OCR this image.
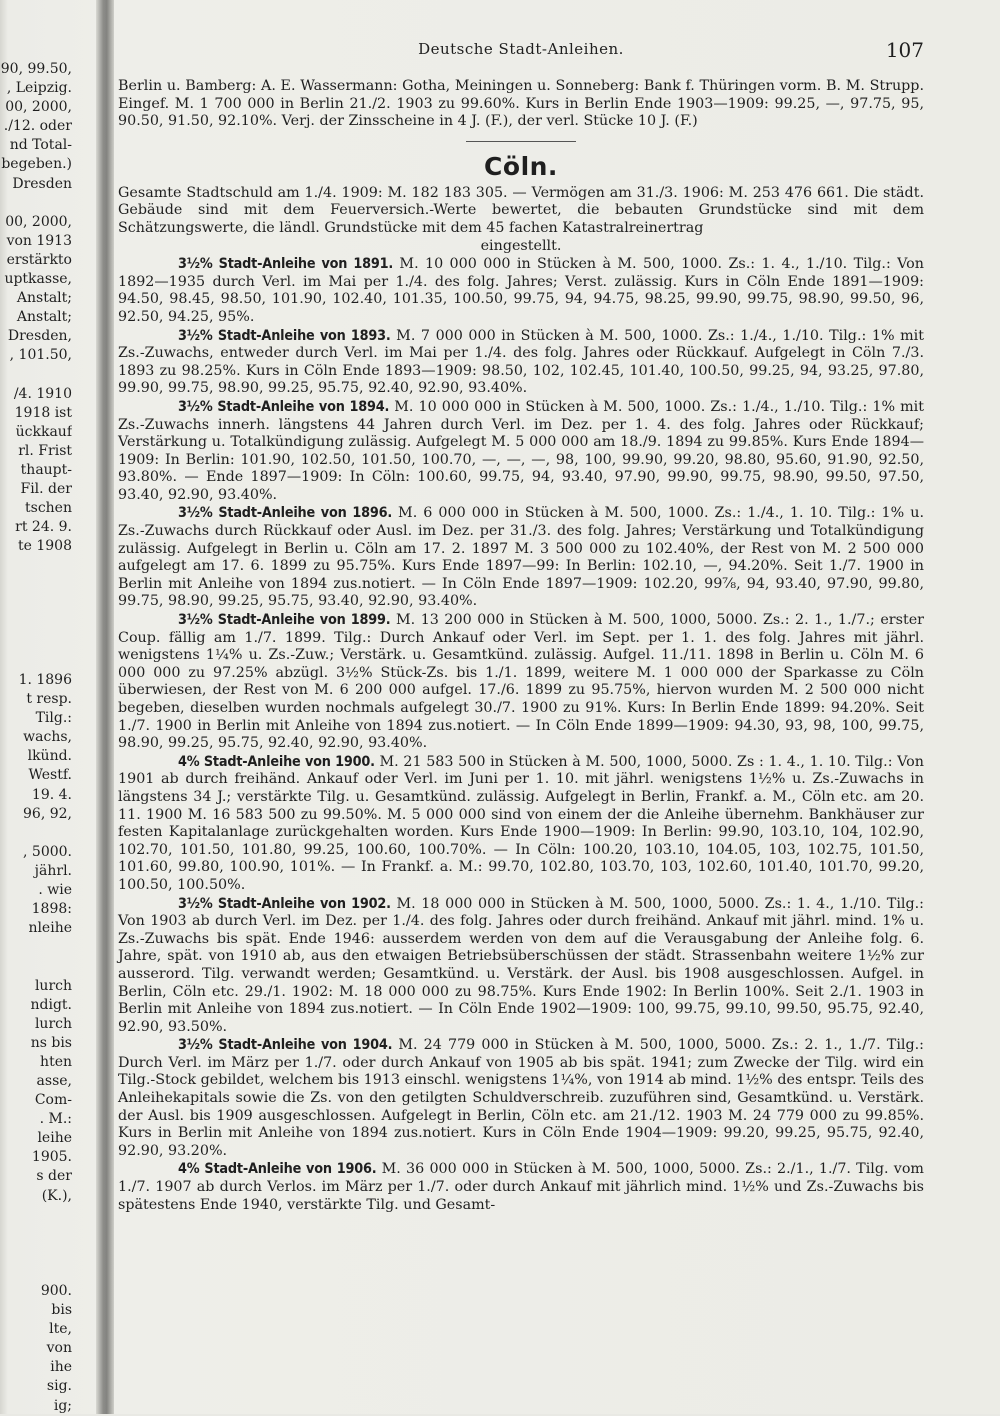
90, 99.50,
, Leipzig.
00, 2000,
./12. oder
nd Total-
begeben.)
Dresden
00, 2000,
von 1913
erstärkto
uptkasse,
Anstalt;
Anstalt;
Dresden,
, 101.50,
/4. 1910
1918 ist
ückkauf
rl. Frist
thaupt-
Fil. der
tschen
rt 24. 9.
te 1908
1. 1896
t resp.
Tilg.:
wachs,
lkünd.
Westf.
19. 4.
96, 92,
, 5000.
jährl.
. wie
1898:
nleihe
lurch
ndigt.
lurch
ns bis
hten
asse,
Com-
. M.:
leihe
1905.
s der
(K.),
900.
bis
lte,
von
ihe
sig.
ig;
Deutsche Stadt-Anleihen.	107

Berlin u. Bamberg: A. E. Wassermann: Gotha, Meiningen u. Sonneberg: Bank f. Thüringen vorm. B. M. Strupp. Eingef. M. 1 700 000 in Berlin 21./2. 1903 zu 99.60%. Kurs in Berlin Ende 1903—1909: 99.25, —, 97.75, 95, 90.50, 91.50, 92.10%. Verj. der Zinsscheine in 4 J. (F.), der verl. Stücke 10 J. (F.)

Cöln.

Gesamte Stadtschuld am 1./4. 1909: M. 182 183 305. — Vermögen am 31./3. 1906: M. 253 476 661. Die städt. Gebäude sind mit dem Feuerversich.-Werte bewertet, die bebauten Grundstücke sind mit dem Schätzungswerte, die ländl. Grundstücke mit dem 45 fachen Katastralreinertrag

eingestellt.

3½% Stadt-Anleihe von 1891. M. 10 000 000 in Stücken à M. 500, 1000. Zs.: 1. 4., 1./10. Tilg.: Von 1892—1935 durch Verl. im Mai per 1./4. des folg. Jahres; Verst. zulässig. Kurs in Cöln Ende 1891—1909: 94.50, 98.45, 98.50, 101.90, 102.40, 101.35, 100.50, 99.75, 94, 94.75, 98.25, 99.90, 99.75, 98.90, 99.50, 96, 92.50, 94.25, 95%.

3½% Stadt-Anleihe von 1893. M. 7 000 000 in Stücken à M. 500, 1000. Zs.: 1./4., 1./10. Tilg.: 1% mit Zs.-Zuwachs, entweder durch Verl. im Mai per 1./4. des folg. Jahres oder Rückkauf. Aufgelegt in Cöln 7./3. 1893 zu 98.25%. Kurs in Cöln Ende 1893—1909: 98.50, 102, 102.45, 101.40, 100.50, 99.25, 94, 93.25, 97.80, 99.90, 99.75, 98.90, 99.25, 95.75, 92.40, 92.90, 93.40%.

3½% Stadt-Anleihe von 1894. M. 10 000 000 in Stücken à M. 500, 1000. Zs.: 1./4., 1./10. Tilg.: 1% mit Zs.-Zuwachs innerh. längstens 44 Jahren durch Verl. im Dez. per 1. 4. des folg. Jahres oder Rückkauf; Verstärkung u. Totalkündigung zulässig. Aufgelegt M. 5 000 000 am 18./9. 1894 zu 99.85%. Kurs Ende 1894—1909: In Berlin: 101.90, 102.50, 101.50, 100.70, —, —, —, 98, 100, 99.90, 99.20, 98.80, 95.60, 91.90, 92.50, 93.80%. — Ende 1897—1909: In Cöln: 100.60, 99.75, 94, 93.40, 97.90, 99.90, 99.75, 98.90, 99.50, 97.50, 93.40, 92.90, 93.40%.

3½% Stadt-Anleihe von 1896. M. 6 000 000 in Stücken à M. 500, 1000. Zs.: 1./4., 1. 10. Tilg.: 1% u. Zs.-Zuwachs durch Rückkauf oder Ausl. im Dez. per 31./3. des folg. Jahres; Verstärkung und Totalkündigung zulässig. Aufgelegt in Berlin u. Cöln am 17. 2. 1897 M. 3 500 000 zu 102.40%, der Rest von M. 2 500 000 aufgelegt am 17. 6. 1899 zu 95.75%. Kurs Ende 1897—99: In Berlin: 102.10, —, 94.20%. Seit 1./7. 1900 in Berlin mit Anleihe von 1894 zus.notiert. — In Cöln Ende 1897—1909: 102.20, 99⅞, 94, 93.40, 97.90, 99.80, 99.75, 98.90, 99.25, 95.75, 93.40, 92.90, 93.40%.

3½% Stadt-Anleihe von 1899. M. 13 200 000 in Stücken à M. 500, 1000, 5000. Zs.: 2. 1., 1./7.; erster Coup. fällig am 1./7. 1899. Tilg.: Durch Ankauf oder Verl. im Sept. per 1. 1. des folg. Jahres mit jährl. wenigstens 1¼% u. Zs.-Zuw.; Verstärk. u. Gesamtkünd. zulässig. Aufgel. 11./11. 1898 in Berlin u. Cöln M. 6 000 000 zu 97.25% abzügl. 3½% Stück-Zs. bis 1./1. 1899, weitere M. 1 000 000 der Sparkasse zu Cöln überwiesen, der Rest von M. 6 200 000 aufgel. 17./6. 1899 zu 95.75%, hiervon wurden M. 2 500 000 nicht begeben, dieselben wurden nochmals aufgelegt 30./7. 1900 zu 91%. Kurs: In Berlin Ende 1899: 94.20%. Seit 1./7. 1900 in Berlin mit Anleihe von 1894 zus.notiert. — In Cöln Ende 1899—1909: 94.30, 93, 98, 100, 99.75, 98.90, 99.25, 95.75, 92.40, 92.90, 93.40%.

4% Stadt-Anleihe von 1900. M. 21 583 500 in Stücken à M. 500, 1000, 5000. Zs : 1. 4., 1. 10. Tilg.: Von 1901 ab durch freihänd. Ankauf oder Verl. im Juni per 1. 10. mit jährl. wenigstens 1½% u. Zs.-Zuwachs in längstens 34 J.; verstärkte Tilg. u. Gesamtkünd. zulässig. Aufgelegt in Berlin, Frankf. a. M., Cöln etc. am 20. 11. 1900 M. 16 583 500 zu 99.50%. M. 5 000 000 sind von einem der die Anleihe übernehm. Bankhäuser zur festen Kapitalanlage zurückgehalten worden. Kurs Ende 1900—1909: In Berlin: 99.90, 103.10, 104, 102.90, 102.70, 101.50, 101.80, 99.25, 100.60, 100.70%. — In Cöln: 100.20, 103.10, 104.05, 103, 102.75, 101.50, 101.60, 99.80, 100.90, 101%. — In Frankf. a. M.: 99.70, 102.80, 103.70, 103, 102.60, 101.40, 101.70, 99.20, 100.50, 100.50%.

3½% Stadt-Anleihe von 1902. M. 18 000 000 in Stücken à M. 500, 1000, 5000. Zs.: 1. 4., 1./10. Tilg.: Von 1903 ab durch Verl. im Dez. per 1./4. des folg. Jahres oder durch freihänd. Ankauf mit jährl. mind. 1% u. Zs.-Zuwachs bis spät. Ende 1946: ausserdem werden von dem auf die Verausgabung der Anleihe folg. 6. Jahre, spät. von 1910 ab, aus den etwaigen Betriebsüberschüssen der städt. Strassenbahn weitere 1½% zur ausserord. Tilg. verwandt werden; Gesamtkünd. u. Verstärk. der Ausl. bis 1908 ausgeschlossen. Aufgel. in Berlin, Cöln etc. 29./1. 1902: M. 18 000 000 zu 98.75%. Kurs Ende 1902: In Berlin 100%. Seit 2./1. 1903 in Berlin mit Anleihe von 1894 zus.notiert. — In Cöln Ende 1902—1909: 100, 99.75, 99.10, 99.50, 95.75, 92.40, 92.90, 93.50%.

3½% Stadt-Anleihe von 1904. M. 24 779 000 in Stücken à M. 500, 1000, 5000. Zs.: 2. 1., 1./7. Tilg.: Durch Verl. im März per 1./7. oder durch Ankauf von 1905 ab bis spät. 1941; zum Zwecke der Tilg. wird ein Tilg.-Stock gebildet, welchem bis 1913 einschl. wenigstens 1¼%, von 1914 ab mind. 1½% des entspr. Teils des Anleihekapitals sowie die Zs. von den getilgten Schuldverschreib. zuzuführen sind, Gesamtkünd. u. Verstärk. der Ausl. bis 1909 ausgeschlossen. Aufgelegt in Berlin, Cöln etc. am 21./12. 1903 M. 24 779 000 zu 99.85%. Kurs in Berlin mit Anleihe von 1894 zus.notiert. Kurs in Cöln Ende 1904—1909: 99.20, 99.25, 95.75, 92.40, 92.90, 93.20%.

4% Stadt-Anleihe von 1906. M. 36 000 000 in Stücken à M. 500, 1000, 5000. Zs.: 2./1., 1./7. Tilg. vom 1./7. 1907 ab durch Verlos. im März per 1./7. oder durch Ankauf mit jährlich mind. 1½% und Zs.-Zuwachs bis spätestens Ende 1940, verstärkte Tilg. und Gesamt-
